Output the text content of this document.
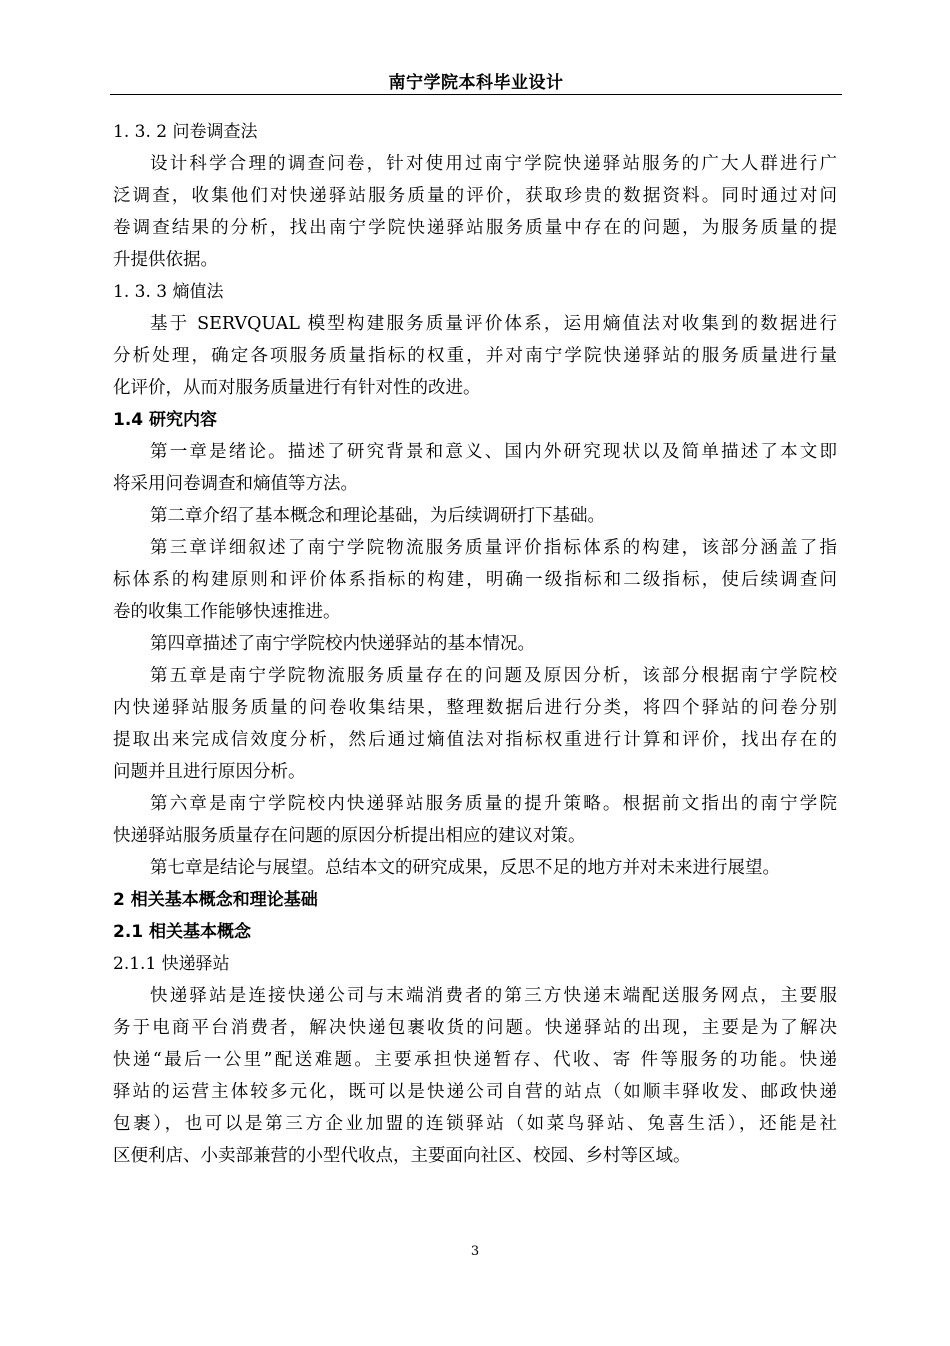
南宁学院本科毕业设计
1. 3. 2 问卷调查法
设计科学合理的调查问卷，针对使用过南宁学院快递驿站服务的广大人群进行广
泛调查，收集他们对快递驿站服务质量的评价，获取珍贵的数据资料。同时通过对问
卷调查结果的分析，找出南宁学院快递驿站服务质量中存在的问题，为服务质量的提
升提供依据。
1. 3. 3 熵值法
基于 SERVQUAL 模型构建服务质量评价体系，运用熵值法对收集到的数据进行
分析处理，确定各项服务质量指标的权重，并对南宁学院快递驿站的服务质量进行量
化评价，从而对服务质量进行有针对性的改进。
1.4 研究内容
第一章是绪论。描述了研究背景和意义、国内外研究现状以及简单描述了本文即
将采用问卷调查和熵值等方法。
第二章介绍了基本概念和理论基础，为后续调研打下基础。
第三章详细叙述了南宁学院物流服务质量评价指标体系的构建，该部分涵盖了指
标体系的构建原则和评价体系指标的构建，明确一级指标和二级指标，使后续调查问
卷的收集工作能够快速推进。
第四章描述了南宁学院校内快递驿站的基本情况。
第五章是南宁学院物流服务质量存在的问题及原因分析，该部分根据南宁学院校
内快递驿站服务质量的问卷收集结果，整理数据后进行分类，将四个驿站的问卷分别
提取出来完成信效度分析，然后通过熵值法对指标权重进行计算和评价，找出存在的
问题并且进行原因分析。
第六章是南宁学院校内快递驿站服务质量的提升策略。根据前文指出的南宁学院
快递驿站服务质量存在问题的原因分析提出相应的建议对策。
第七章是结论与展望。总结本文的研究成果，反思不足的地方并对未来进行展望。
2 相关基本概念和理论基础
2.1 相关基本概念
2.1.1 快递驿站
快递驿站是连接快递公司与末端消费者的第三方快递末端配送服务网点，主要服
务于电商平台消费者，解决快递包裹收货的问题。快递驿站的出现，主要是为了解决
快递“最后一公里”配送难题。主要承担快递暂存、代收、寄 件等服务的功能。快递
驿站的运营主体较多元化，既可以是快递公司自营的站点（如顺丰驿收发、邮政快递
包裹），也可以是第三方企业加盟的连锁驿站（如菜鸟驿站、兔喜生活），还能是社
区便利店、小卖部兼营的小型代收点，主要面向社区、校园、乡村等区域。
3
